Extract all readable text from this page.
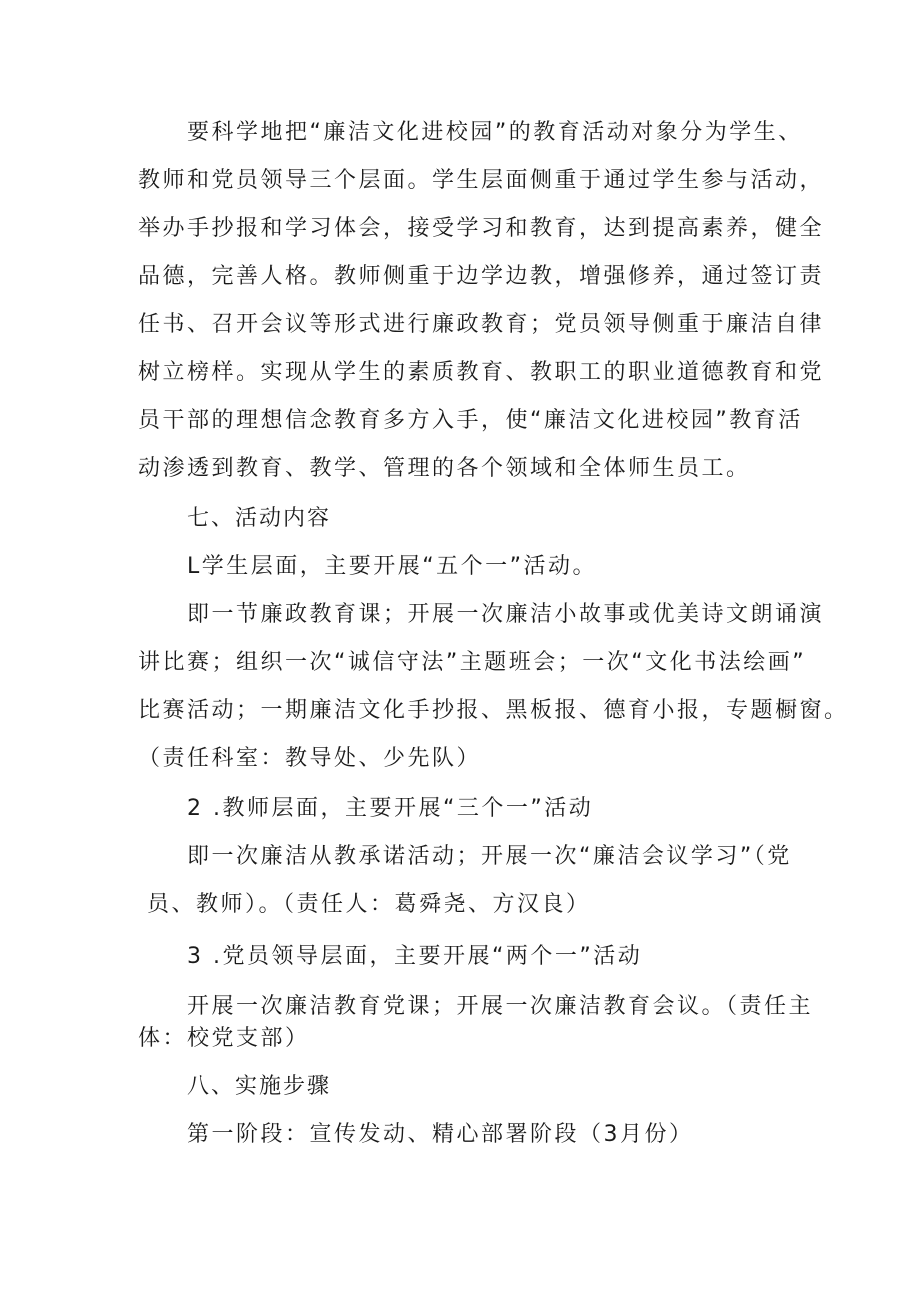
要科学地把“廉洁文化进校园”的教育活动对象分为学生、
教师和党员领导三个层面。学生层面侧重于通过学生参与活动，
举办手抄报和学习体会，接受学习和教育，达到提高素养，健全
品德，完善人格。教师侧重于边学边教，增强修养，通过签订责
任书、召开会议等形式进行廉政教育；党员领导侧重于廉洁自律
树立榜样。实现从学生的素质教育、教职工的职业道德教育和党
员干部的理想信念教育多方入手，使“廉洁文化进校园”教育活
动渗透到教育、教学、管理的各个领域和全体师生员工。
七、活动内容
L学生层面，主要开展“五个一”活动。
即一节廉政教育课；开展一次廉洁小故事或优美诗文朗诵演
讲比赛；组织一次“诚信守法”主题班会；一次“文化书法绘画”
比赛活动；一期廉洁文化手抄报、黑板报、德育小报，专题橱窗。
（责任科室：教导处、少先队）
2 .教师层面，主要开展“三个一”活动
即一次廉洁从教承诺活动；开展一次“廉洁会议学习”（党
员、教师）。（责任人：葛舜尧、方汉良）
3 .党员领导层面，主要开展“两个一”活动
开展一次廉洁教育党课；开展一次廉洁教育会议。（责任主
体：校党支部）
八、实施步骤
第一阶段：宣传发动、精心部署阶段（3月份）
